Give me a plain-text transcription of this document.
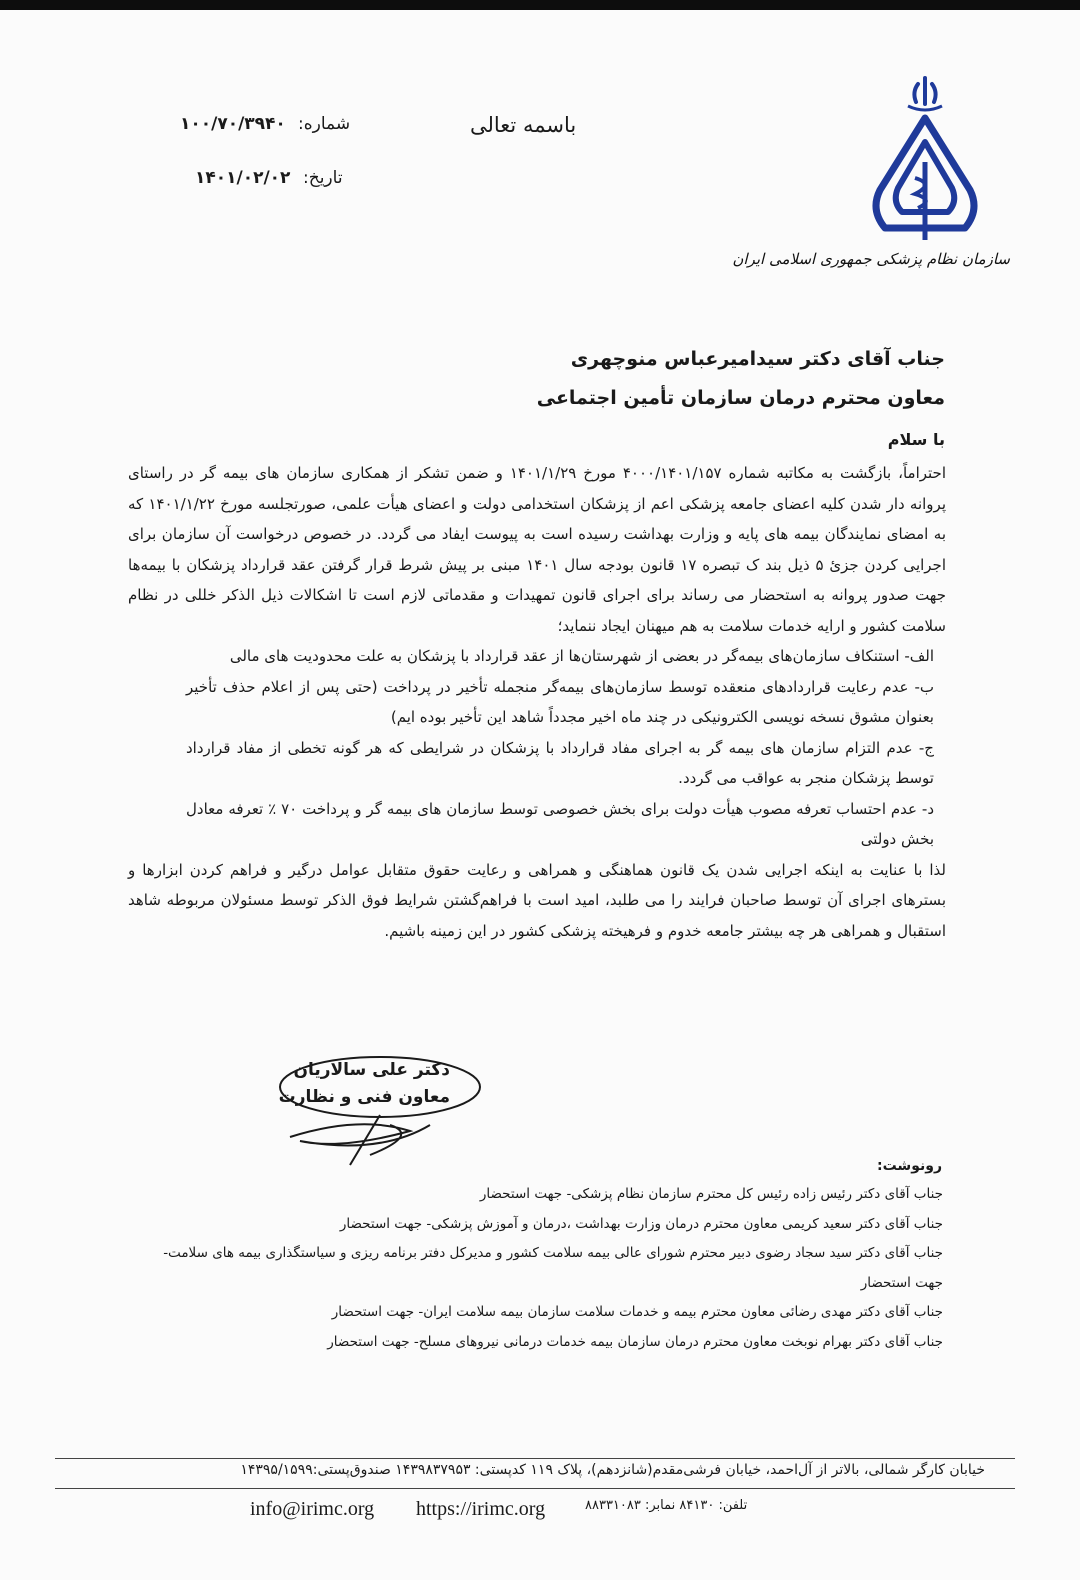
سازمان نظام پزشکی جمهوری اسلامی ایران
باسمه تعالی
شماره:
۱۰۰/۷۰/۳۹۴۰
تاریخ:
۱۴۰۱/۰۲/۰۲
جناب آقای دکتر سیدامیرعباس منوچهری
معاون محترم درمان سازمان تأمین اجتماعی
با سلام

احتراماً، بازگشت به مکاتبه شماره ۴۰۰۰/۱۴۰۱/۱۵۷ مورخ ۱۴۰۱/۱/۲۹ و ضمن تشکر از همکاری سازمان های بیمه گر در راستای پروانه دار شدن کلیه اعضای جامعه پزشکی اعم از پزشکان استخدامی دولت و اعضای هیأت علمی، صورتجلسه مورخ ۱۴۰۱/۱/۲۲ که به امضای نمایندگان بیمه های پایه و وزارت بهداشت رسیده است به پیوست ایفاد می گردد. در خصوص درخواست آن سازمان برای اجرایی کردن جزئ ۵ ذیل بند ک تبصره ۱۷ قانون بودجه سال ۱۴۰۱ مبنی بر پیش شرط قرار گرفتن عقد قرارداد پزشکان با بیمه‌ها جهت صدور پروانه به استحضار می رساند برای اجرای قانون تمهیدات و مقدماتی لازم است تا اشکالات ذیل الذکر خللی در نظام سلامت کشور و ارایه خدمات سلامت به هم میهنان ایجاد ننماید؛

الف- استنکاف سازمان‌های بیمه‌گر در بعضی از شهرستان‌ها از عقد قرارداد با پزشکان به علت محدودیت های مالی

ب- عدم رعایت قراردادهای منعقده توسط سازمان‌های بیمه‌گر منجمله تأخیر در پرداخت (حتی پس از اعلام حذف تأخیر بعنوان مشوق نسخه نویسی الکترونیکی در چند ماه اخیر مجدداً شاهد این تأخیر بوده ایم)

ج- عدم التزام سازمان های بیمه گر به اجرای مفاد قرارداد با پزشکان در شرایطی که هر گونه تخطی از مفاد قرارداد توسط پزشکان منجر به عواقب می گردد.

د- عدم احتساب تعرفه مصوب هیأت دولت برای بخش خصوصی توسط سازمان های بیمه گر و پرداخت ۷۰ ٪ تعرفه معادل بخش دولتی

لذا با عنایت به اینکه اجرایی شدن یک قانون هماهنگی و همراهی و رعایت حقوق متقابل عوامل درگیر و فراهم کردن ابزارها و بسترهای اجرای آن توسط صاحبان فرایند را می طلبد، امید است با فراهم‌گشتن شرایط فوق الذکر توسط مسئولان مربوطه شاهد استقبال و همراهی هر چه بیشتر جامعه خدوم و فرهیخته پزشکی کشور در این زمینه باشیم.

دکتر علی سالاریان
معاون فنی و نظارت
رونوشت:
جناب آقای دکتر رئیس زاده رئیس کل محترم سازمان نظام پزشکی- جهت استحضار
جناب آقای دکتر سعید کریمی معاون محترم درمان وزارت بهداشت ،درمان و آموزش پزشکی- جهت استحضار
جناب آقای دکتر سید سجاد رضوی دبیر محترم شورای عالی بیمه سلامت کشور و مدیرکل دفتر برنامه ریزی و سیاستگذاری بیمه های سلامت- جهت استحضار
جناب آقای دکتر مهدی رضائی معاون محترم بیمه و خدمات سلامت سازمان بیمه سلامت ایران- جهت استحضار
جناب آقای دکتر بهرام نوبخت معاون محترم درمان سازمان بیمه خدمات درمانی نیروهای مسلح- جهت استحضار
خیابان کارگر شمالی، بالاتر از آل‌احمد، خیابان فرشی‌مقدم(شانزدهم)، پلاک ۱۱۹ کدپستی: ۱۴۳۹۸۳۷۹۵۳ صندوق‌پستی:۱۴۳۹۵/۱۵۹۹
تلفن: ۸۴۱۳۰ نمابر: ۸۸۳۳۱۰۸۳
https://irimc.org
info@irimc.org
